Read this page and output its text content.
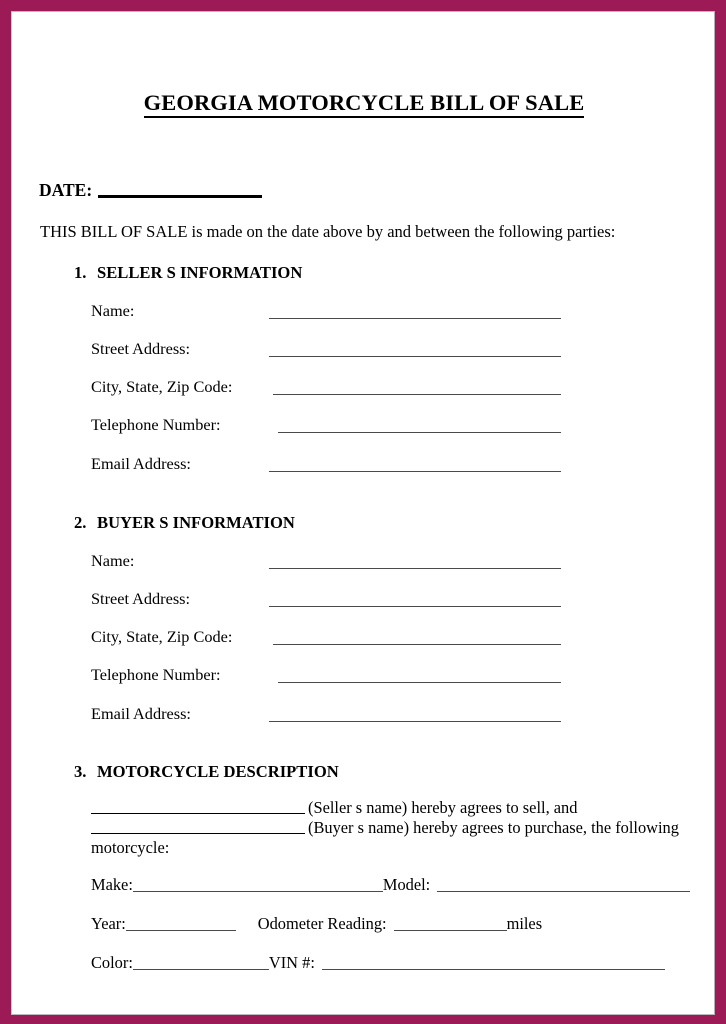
GEORGIA MOTORCYCLE BILL OF SALE
DATE:
THIS BILL OF SALE is made on the date above by and between the following parties:
1. SELLER S INFORMATION
Name:
Street Address:
City, State, Zip Code:
Telephone Number:
Email Address:
2. BUYER S INFORMATION
Name:
Street Address:
City, State, Zip Code:
Telephone Number:
Email Address:
3. MOTORCYCLE DESCRIPTION
(Seller s name) hereby agrees to sell, and
(Buyer s name) hereby agrees to purchase, the following
motorcycle:
Make:	Model:
Year:	Odometer Reading:	miles
Color:	VIN #:
